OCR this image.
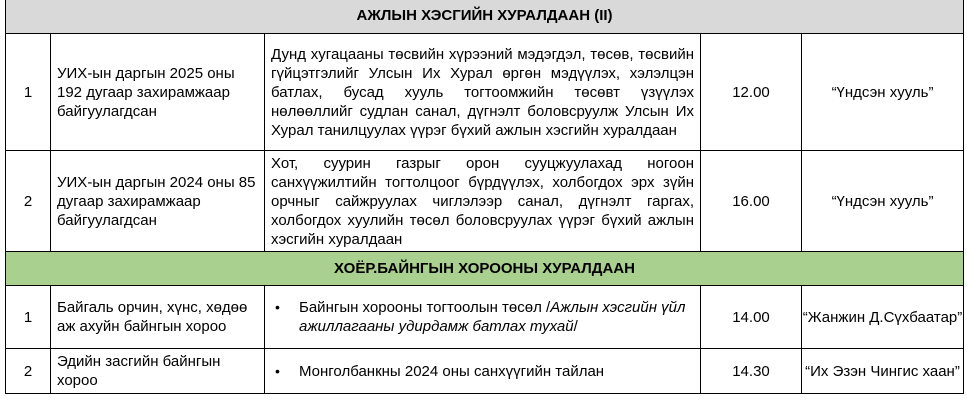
АЖЛЫН ХЭСГИЙН ХУРАЛДААН (II)				
1	УИХ-ын даргын 2025 оны 192 дугаар захирамжаар байгуулагдсан	Дунд хугацааны төсвийн хүрээний мэдэгдэл, төсөв, төсвийн гүйцэтгэлийг Улсын Их Хурал өргөн мэдүүлэх, хэлэлцэн батлах, бусад хууль тогтоомжийн төсөвт үзүүлэх нөлөөллийг судлан санал, дүгнэлт боловсруулж Улсын Их Хурал танилцуулах үүрэг бүхий ажлын хэсгийн хуралдаан	12.00	“Үндсэн хууль”
2	УИХ-ын даргын 2024 оны 85 дугаар захирамжаар байгуулагдсан	Хот, суурин газрыг орон сууцжуулахад ногоон санхүүжилтийн тогтолцоог бүрдүүлэх, холбогдох эрх зүйн орчныг сайжруулах чиглэлээр санал, дүгнэлт гаргах, холбогдох хуулийн төсөл боловсруулах үүрэг бүхий ажлын хэсгийн хуралдаан	16.00	“Үндсэн хууль”
ХОЁР.БАЙНГЫН ХОРООНЫ ХУРАЛДААН				
1	Байгаль орчин, хүнс, хөдөө аж ахуйн байнгын хороо	• Байнгын хорооны тогтоолын төсөл /Ажлын хэсгийн үйл ажиллагааны удирдамж батлах тухай/	14.00	“Жанжин Д.Сүхбаатар”
2	Эдийн засгийн байнгын хороо	• Монголбанкны 2024 оны санхүүгийн тайлан	14.30	“Их Эзэн Чингис хаан”
